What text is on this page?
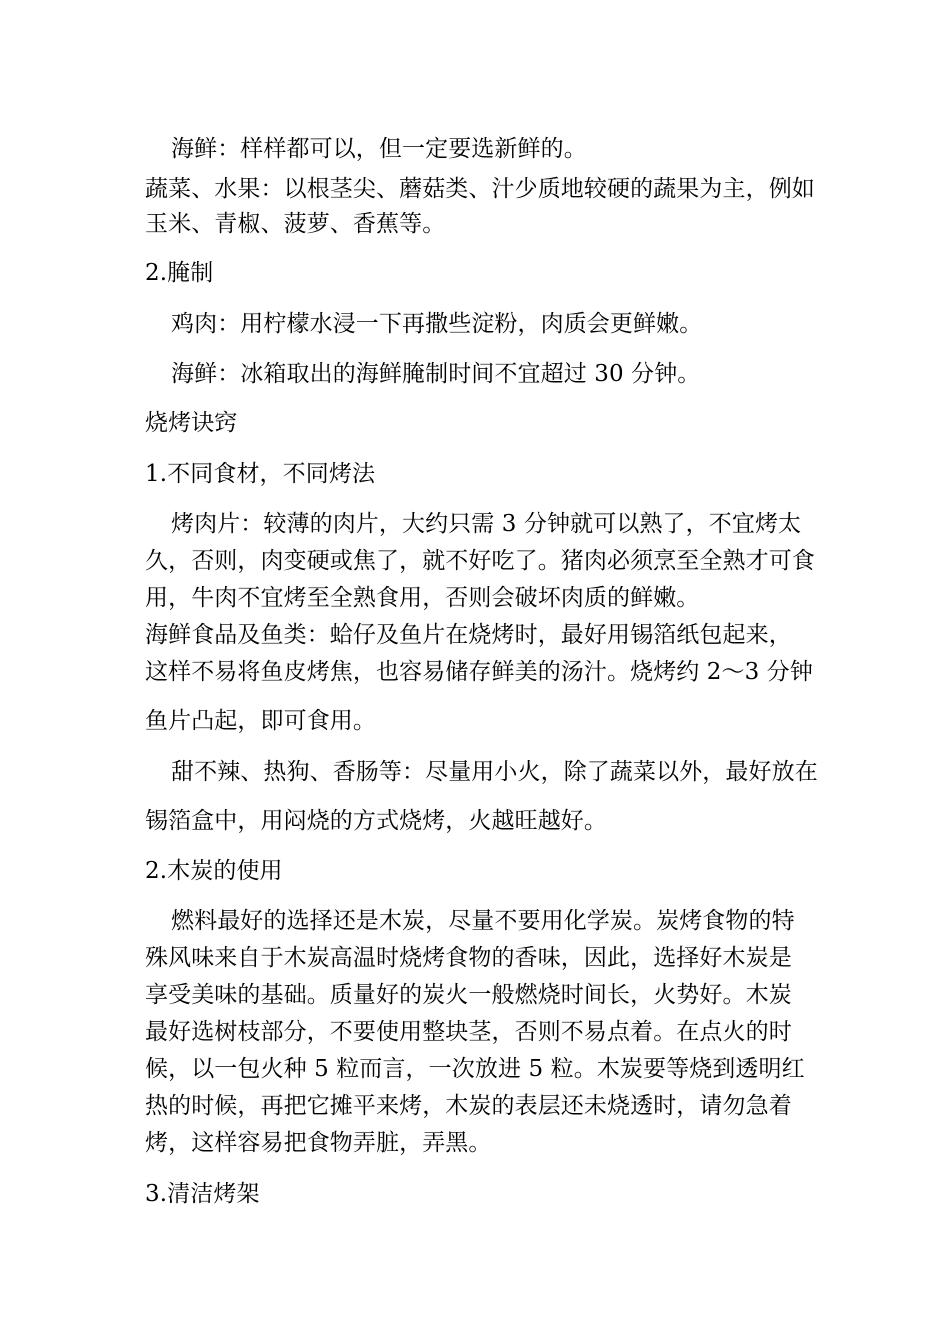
海鲜：样样都可以，但一定要选新鲜的。
蔬菜、水果：以根茎尖、蘑菇类、汁少质地较硬的蔬果为主，例如
玉米、青椒、菠萝、香蕉等。
2.腌制
鸡肉：用柠檬水浸一下再撒些淀粉，肉质会更鲜嫩。
海鲜：冰箱取出的海鲜腌制时间不宜超过 30 分钟。
烧烤诀窍
1.不同食材，不同烤法
烤肉片：较薄的肉片，大约只需 3 分钟就可以熟了，不宜烤太
久，否则，肉变硬或焦了，就不好吃了。猪肉必须烹至全熟才可食
用，牛肉不宜烤至全熟食用，否则会破坏肉质的鲜嫩。
海鲜食品及鱼类：蛤仔及鱼片在烧烤时，最好用锡箔纸包起来，
这样不易将鱼皮烤焦，也容易储存鲜美的汤汁。烧烤约 2～3 分钟
鱼片凸起，即可食用。
甜不辣、热狗、香肠等：尽量用小火，除了蔬菜以外，最好放在
锡箔盒中，用闷烧的方式烧烤，火越旺越好。
2.木炭的使用
燃料最好的选择还是木炭，尽量不要用化学炭。炭烤食物的特
殊风味来自于木炭高温时烧烤食物的香味，因此，选择好木炭是
享受美味的基础。质量好的炭火一般燃烧时间长，火势好。木炭
最好选树枝部分，不要使用整块茎，否则不易点着。在点火的时
候，以一包火种 5 粒而言，一次放进 5 粒。木炭要等烧到透明红
热的时候，再把它摊平来烤，木炭的表层还未烧透时，请勿急着
烤，这样容易把食物弄脏，弄黑。
3.清洁烤架
